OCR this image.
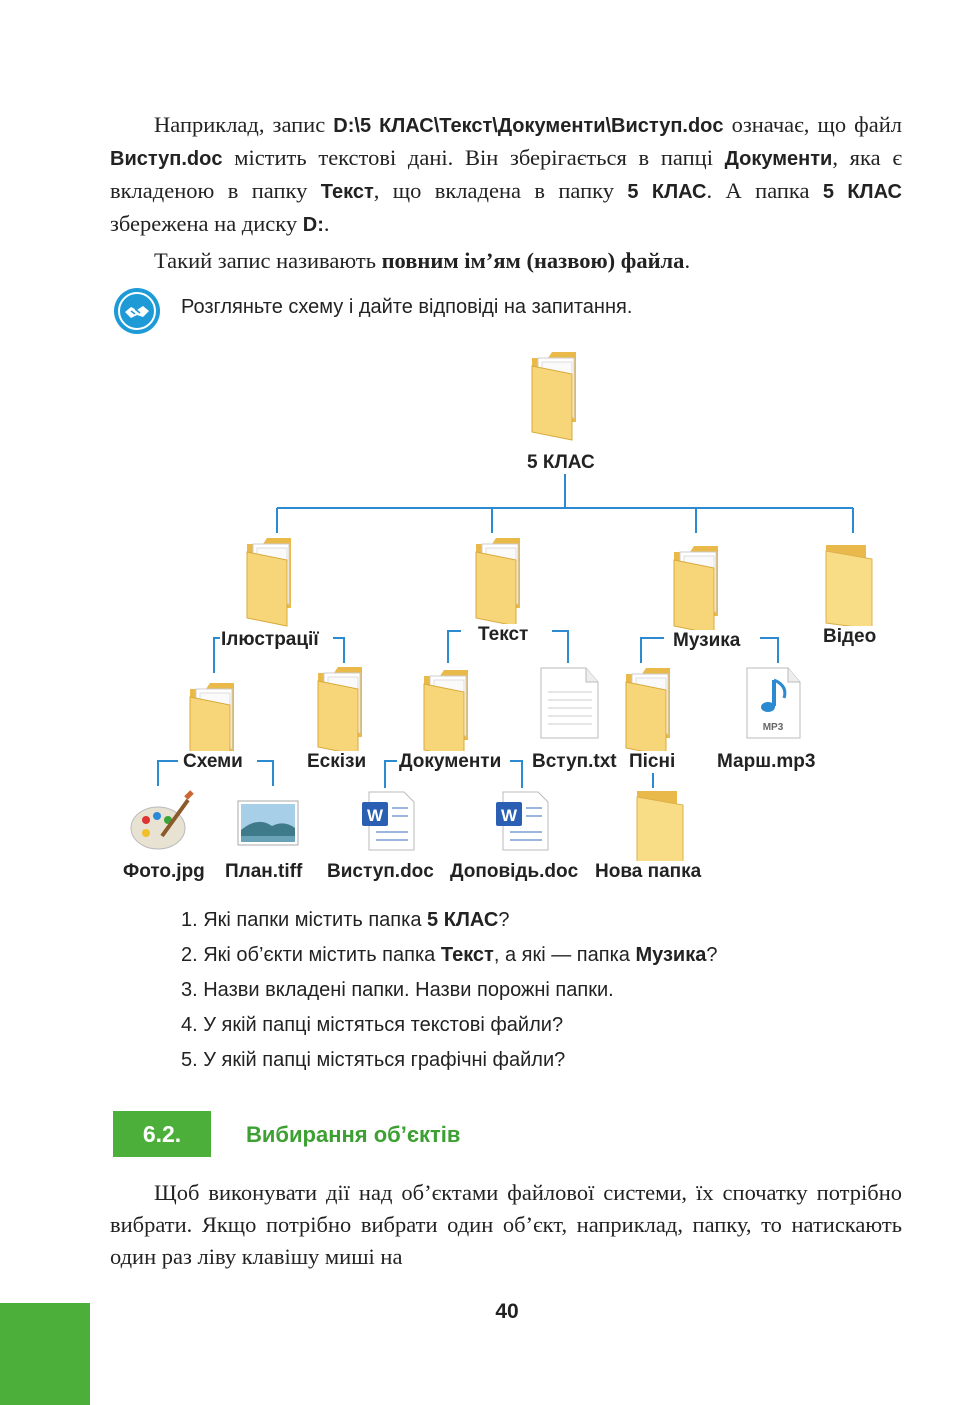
Наприклад, запис D:\5 КЛАС\Текст\Документи\Виступ.doc означає, що файл Виступ.doc містить текстові дані. Він зберігається в папці Документи, яка є вкладеною в папку Текст, що вкладена в папку 5 КЛАС. А папка 5 КЛАС збережена на диску D:.

Такий запис називають повним ім’ям (назвою) файла.

Розгляньте схему і дайте відповіді на запитання.
MP3
W	W
5 КЛАС
Ілюстрації	Текст	Музика	Відео
Схеми	Ескізи Документи Вступ.txt Пісні Марш.mp3
Фото.jpg План.tiff Виступ.doc Доповідь.doc Нова папка
1. Які папки містить папка 5 КЛАС?
2. Які об’єкти містить папка Текст, а які — папка Музика?
3. Назви вкладені папки. Назви порожні папки.
4. У якій папці містяться текстові файли?
5. У якій папці містяться графічні файли?
6.2.	Вибирання об’єктів

Щоб виконувати дії над об’єктами файлової системи, їх спочатку потрібно вибрати. Якщо потрібно вибрати один об’єкт, наприклад, папку, то натискають один раз ліву клавішу миші на

40
